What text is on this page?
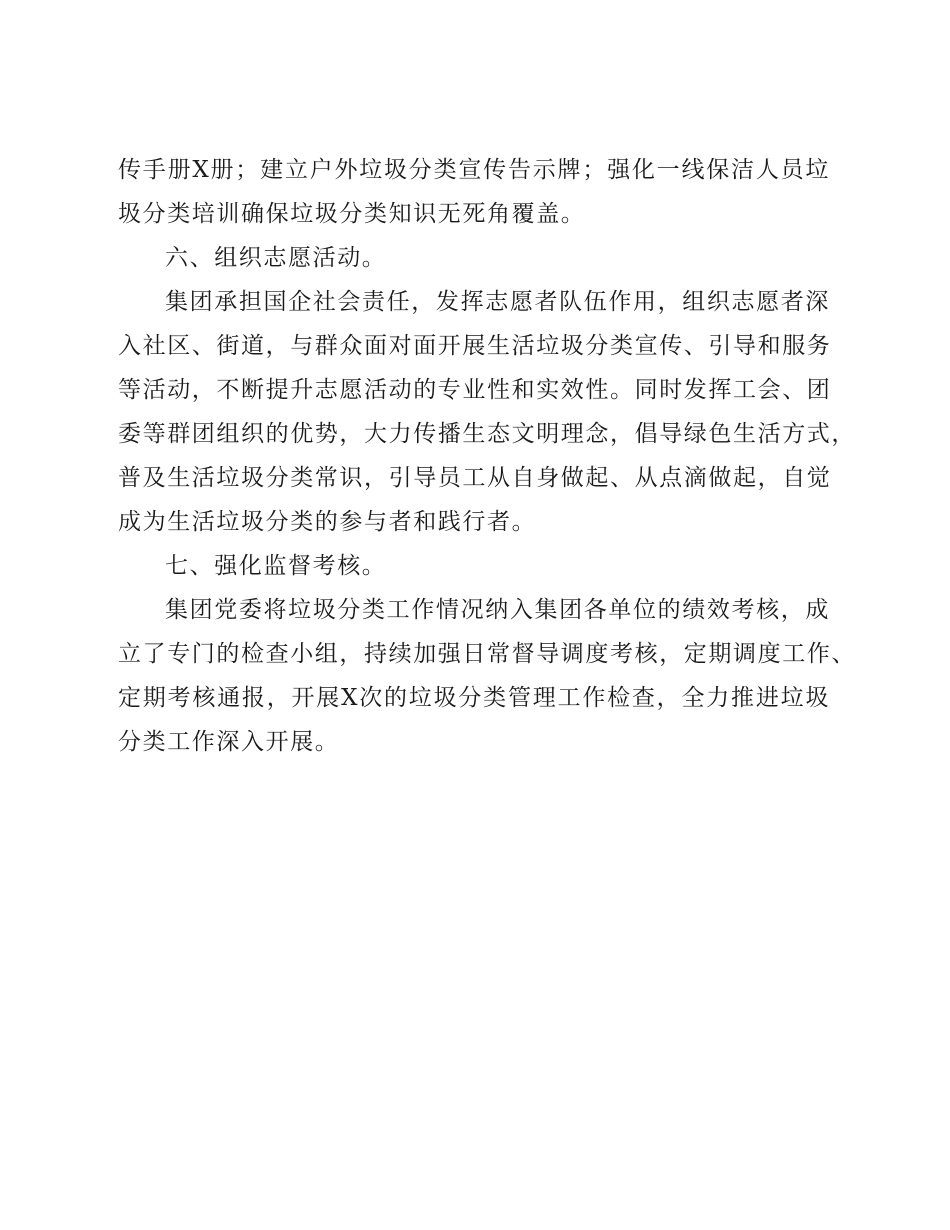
传手册X册；建立户外垃圾分类宣传告示牌；强化一线保洁人员垃
圾分类培训确保垃圾分类知识无死角覆盖。
六、组织志愿活动。
集团承担国企社会责任，发挥志愿者队伍作用，组织志愿者深
入社区、街道，与群众面对面开展生活垃圾分类宣传、引导和服务
等活动，不断提升志愿活动的专业性和实效性。同时发挥工会、团
委等群团组织的优势，大力传播生态文明理念，倡导绿色生活方式，
普及生活垃圾分类常识，引导员工从自身做起、从点滴做起，自觉
成为生活垃圾分类的参与者和践行者。
七、强化监督考核。
集团党委将垃圾分类工作情况纳入集团各单位的绩效考核，成
立了专门的检查小组，持续加强日常督导调度考核，定期调度工作、
定期考核通报，开展X次的垃圾分类管理工作检查，全力推进垃圾
分类工作深入开展。
